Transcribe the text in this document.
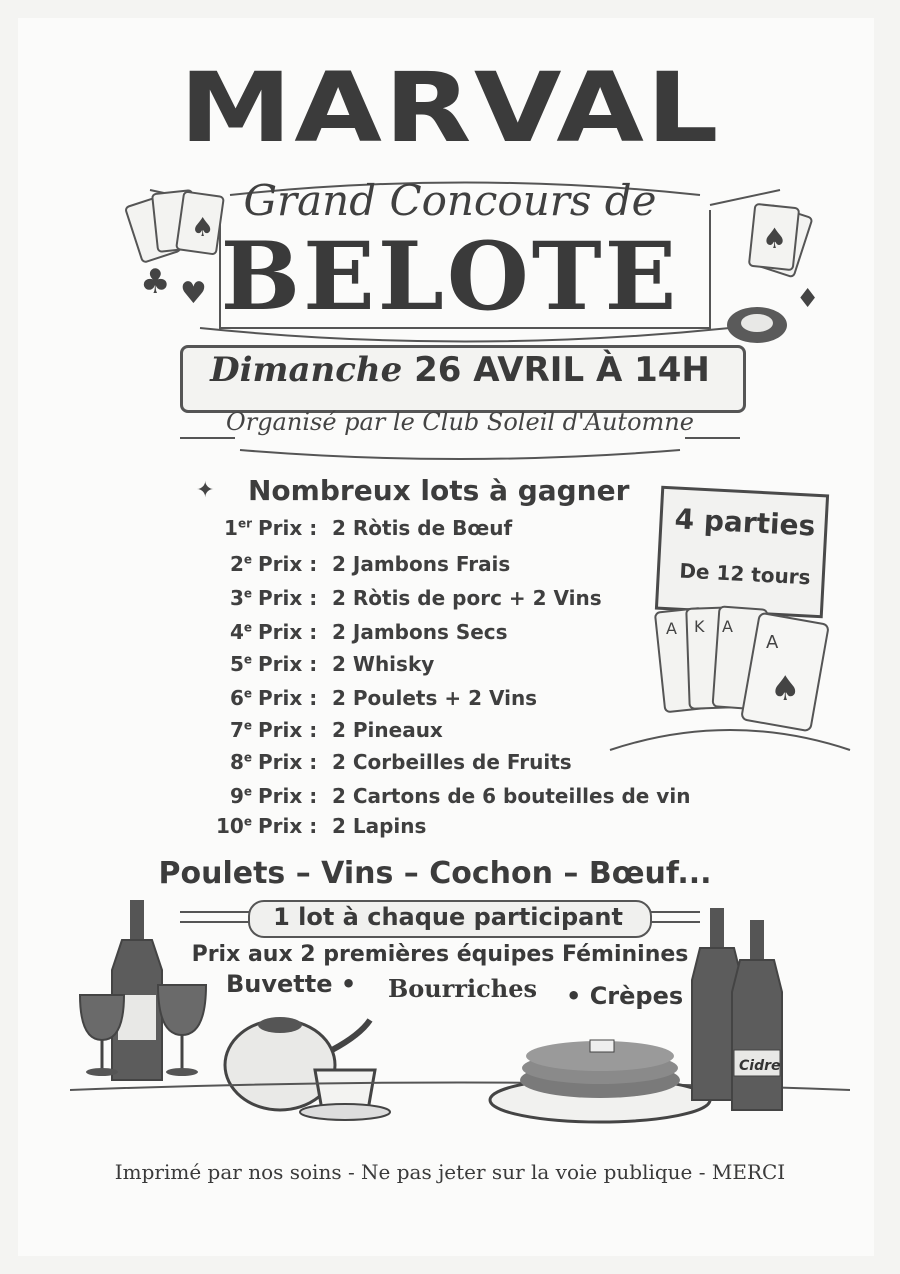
MARVAL
Grand Concours de
BELOTE
♠
♣ ♥
♠
♦
Dimanche 26 AVRIL À 14H
Organisé par le Club Soleil d'Automne
✦ Nombreux lots à gagner
1er Prix : 2 Ròtis de Bœuf
2e Prix : 2 Jambons Frais
3e Prix : 2 Ròtis de porc + 2 Vins
4e Prix : 2 Jambons Secs
5e Prix : 2 Whisky
6e Prix : 2 Poulets + 2 Vins
7e Prix : 2 Pineaux
8e Prix : 2 Corbeilles de Fruits
9e Prix : 2 Cartons de 6 bouteilles de vin
10e Prix : 2 Lapins
4 parties
De 12 tours
A K A
A
♠
Poulets – Vins – Cochon – Bœuf...
1 lot à chaque participant
Prix aux 2 premières équipes Féminines
Buvette • Bourriches • Crèpes
Cidre
Imprimé par nos soins - Ne pas jeter sur la voie publique - MERCI
